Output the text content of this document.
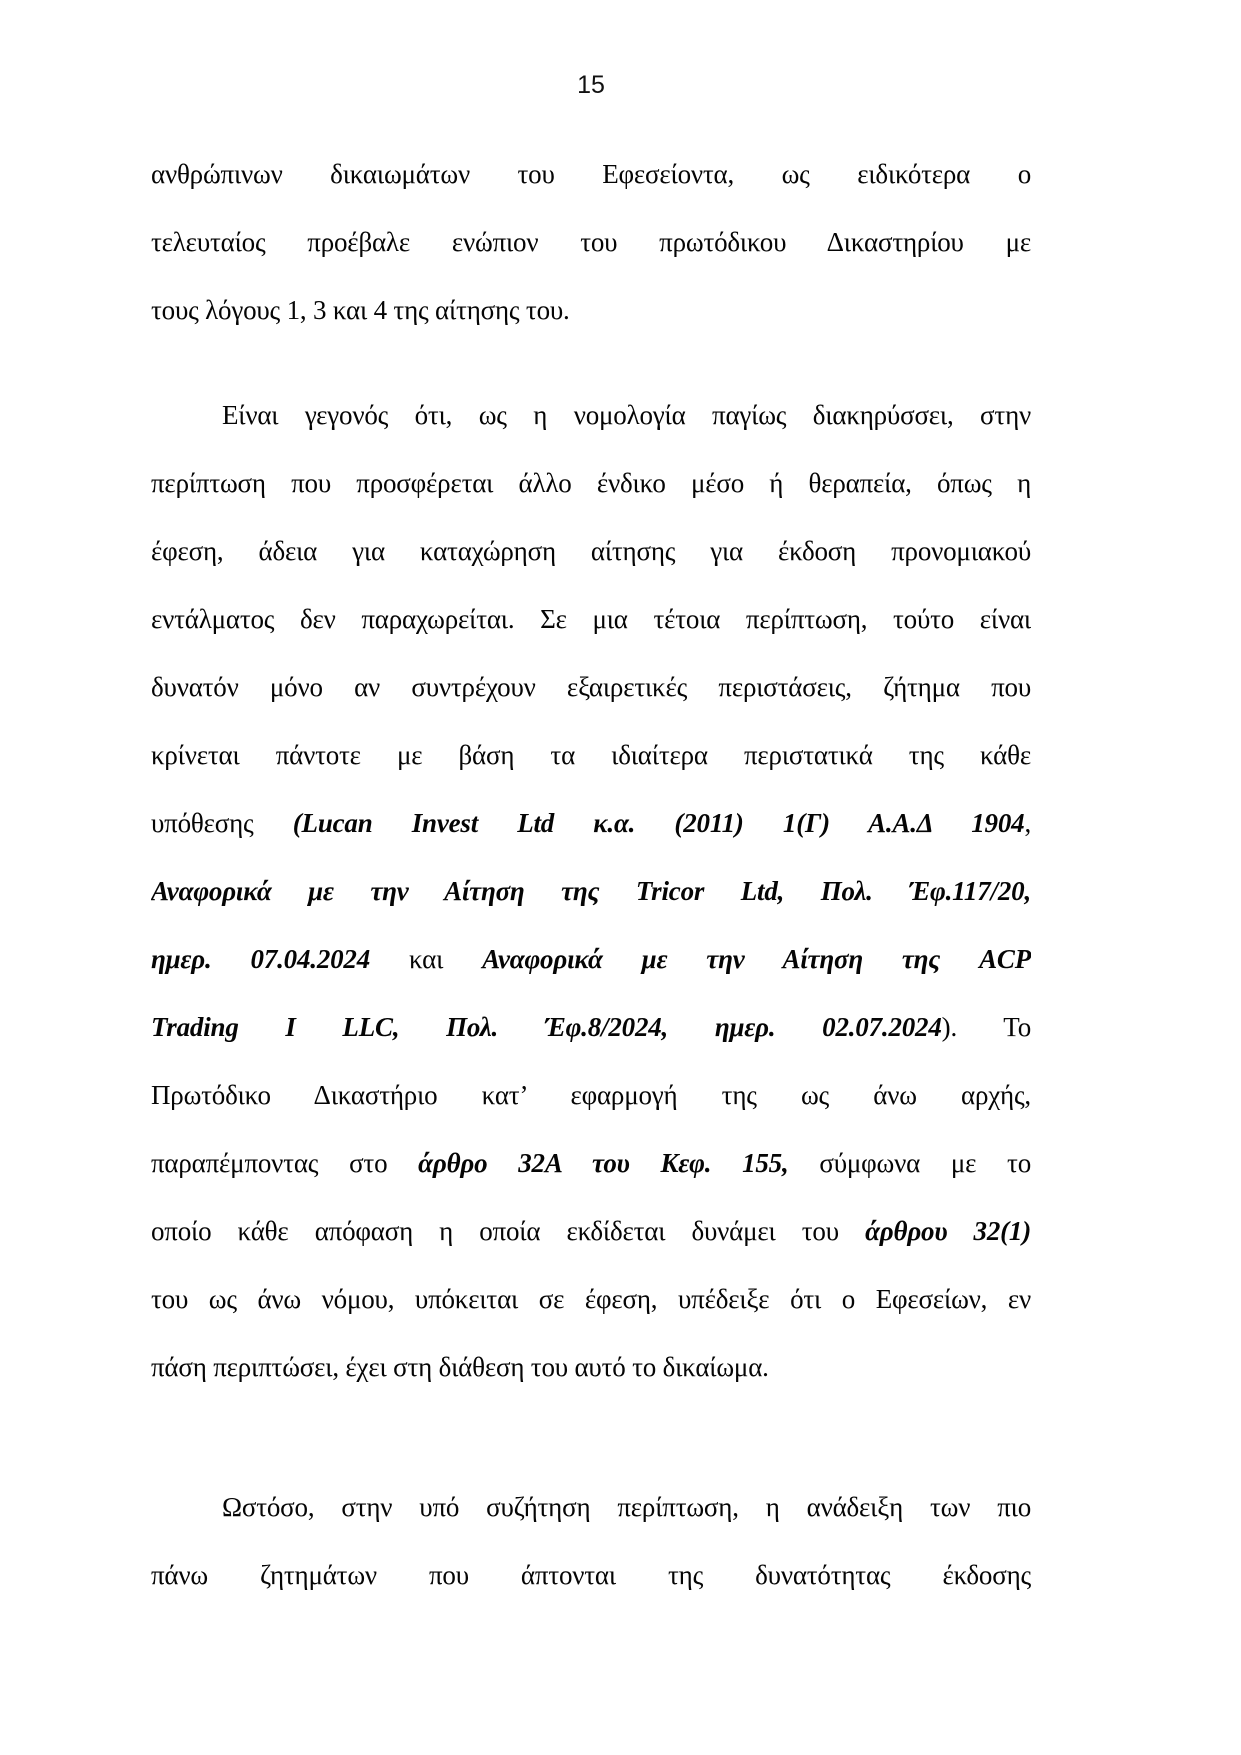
15
ανθρώπινων δικαιωμάτων του Εφεσείοντα, ως ειδικότερα ο
τελευταίος προέβαλε ενώπιον του πρωτόδικου Δικαστηρίου με
τους λόγους 1, 3 και 4 της αίτησης του.
Είναι γεγονός ότι, ως η νομολογία παγίως διακηρύσσει, στην
περίπτωση που προσφέρεται άλλο ένδικο μέσο ή θεραπεία, όπως η
έφεση, άδεια για καταχώρηση αίτησης για έκδοση προνομιακού
εντάλματος δεν παραχωρείται. Σε μια τέτοια περίπτωση, τούτο είναι
δυνατόν μόνο αν συντρέχουν εξαιρετικές περιστάσεις, ζήτημα που
κρίνεται πάντοτε με βάση τα ιδιαίτερα περιστατικά της κάθε
υπόθεσης (Lucan Invest Ltd κ.α. (2011) 1(Γ) Α.Α.Δ 1904,
Αναφορικά με την Αίτηση της Tricor Ltd, Πολ. Έφ.117/20,
ημερ. 07.04.2024 και Αναφορικά με την Αίτηση της ACP
Trading I LLC, Πολ. Έφ.8/2024, ημερ. 02.07.2024). Το
Πρωτόδικο Δικαστήριο κατ’ εφαρμογή της ως άνω αρχής,
παραπέμποντας στο άρθρο 32Α του Κεφ. 155, σύμφωνα με το
οποίο κάθε απόφαση η οποία εκδίδεται δυνάμει του άρθρου 32(1)
του ως άνω νόμου, υπόκειται σε έφεση, υπέδειξε ότι ο Εφεσείων, εν
πάση περιπτώσει, έχει στη διάθεση του αυτό το δικαίωμα.
Ωστόσο, στην υπό συζήτηση περίπτωση, η ανάδειξη των πιο
πάνω ζητημάτων που άπτονται της δυνατότητας έκδοσης
